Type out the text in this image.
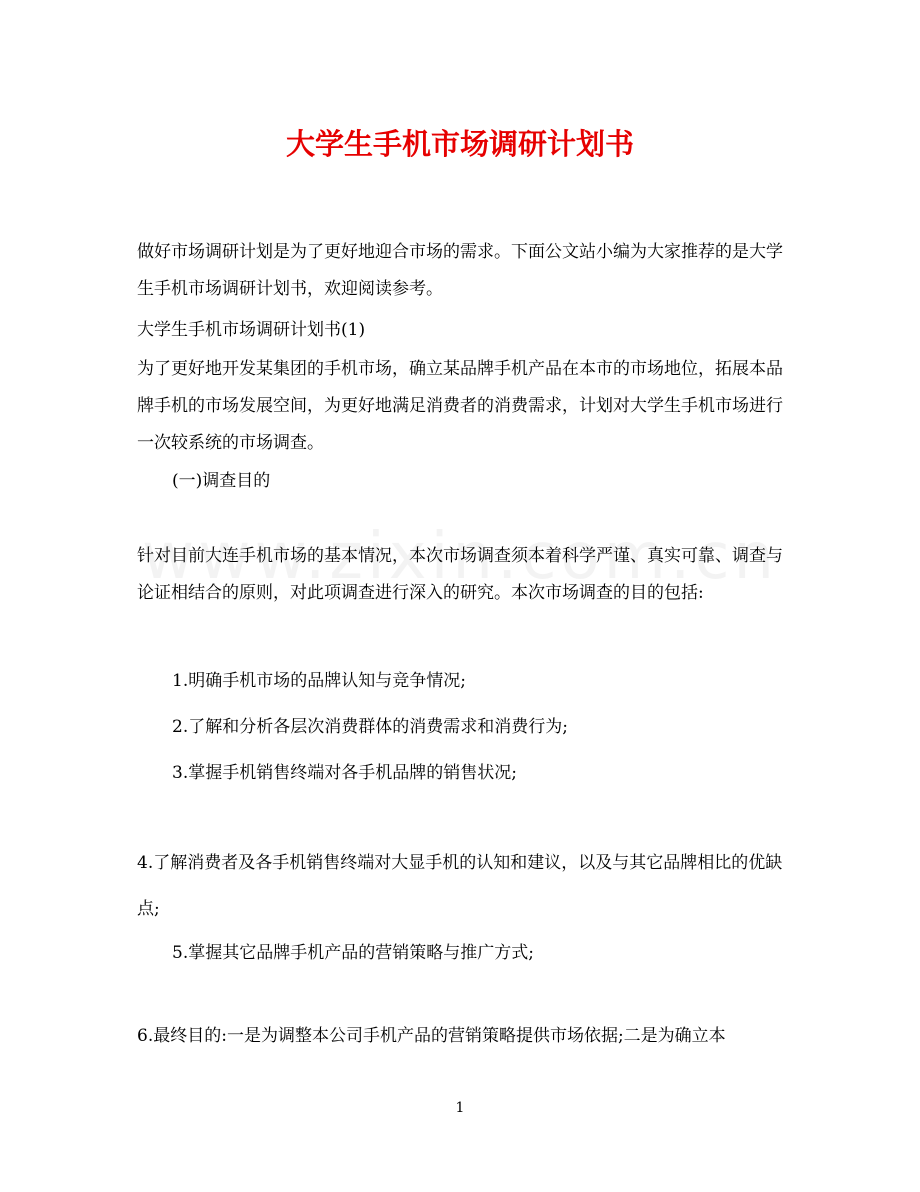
大学生手机市场调研计划书

做好市场调研计划是为了更好地迎合市场的需求。下面公文站小编为大家推荐的是大学生手机市场调研计划书，欢迎阅读参考。

大学生手机市场调研计划书(1)

为了更好地开发某集团的手机市场，确立某品牌手机产品在本市的市场地位，拓展本品牌手机的市场发展空间，为更好地满足消费者的消费需求，计划对大学生手机市场进行一次较系统的市场调查。

(一)调查目的

针对目前大连手机市场的基本情况，本次市场调查须本着科学严谨、真实可靠、调查与论证相结合的原则，对此项调查进行深入的研究。本次市场调查的目的包括:

1.明确手机市场的品牌认知与竞争情况;

2.了解和分析各层次消费群体的消费需求和消费行为;

3.掌握手机销售终端对各手机品牌的销售状况;

4.了解消费者及各手机销售终端对大显手机的认知和建议，以及与其它品牌相比的优缺点;

5.掌握其它品牌手机产品的营销策略与推广方式;

6.最终目的:一是为调整本公司手机产品的营销策略提供市场依据;二是为确立本

1
